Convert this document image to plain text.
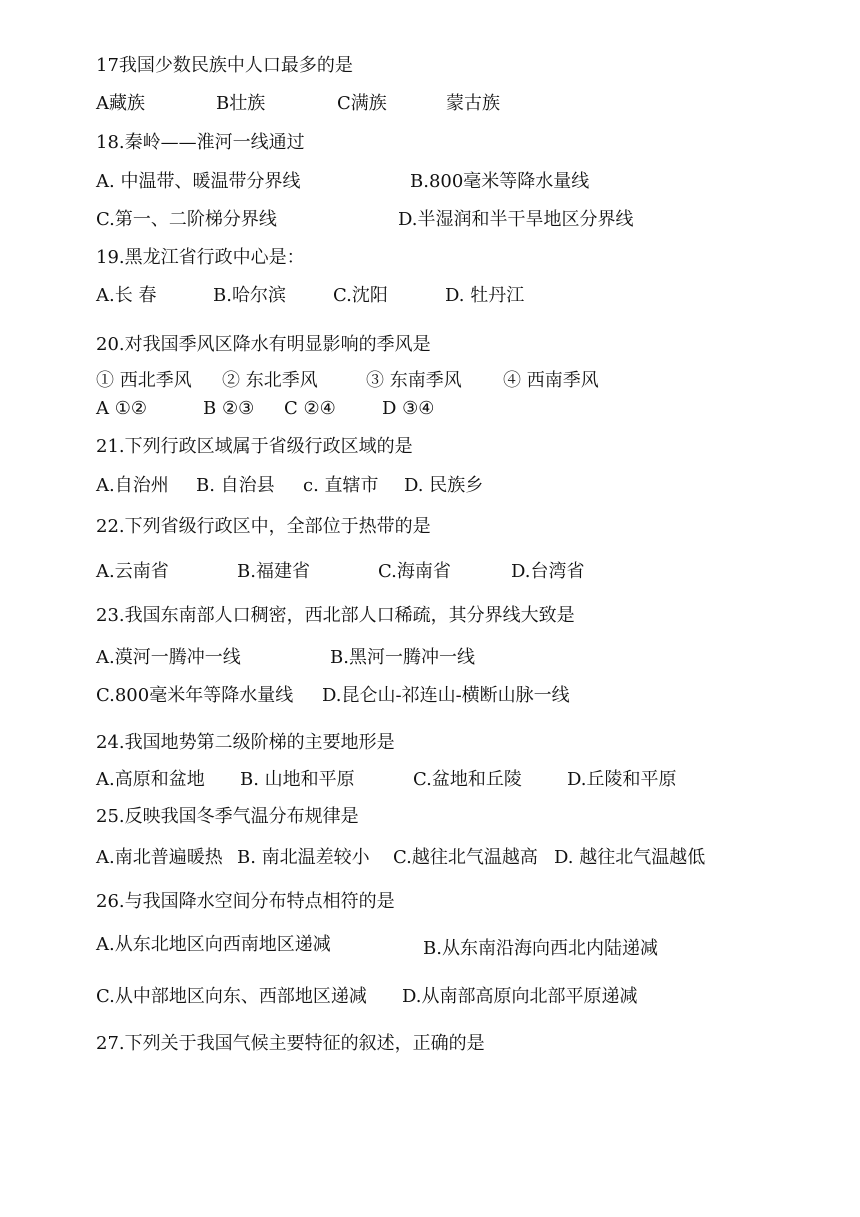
17我国少数民族中人口最多的是
A藏族	B壮族	C满族	蒙古族
18.秦岭——淮河一线通过
A. 中温带、暖温带分界线	B.800毫米等降水量线
C.第一、二阶梯分界线	D.半湿润和半干旱地区分界线
19.黑龙江省行政中心是：
A.长 春	B.哈尔滨	C.沈阳	D. 牡丹江
20.对我国季风区降水有明显影响的季风是
① 西北季风 ② 东北季风	③ 东南季风 ④ 西南季风
A ①②	B ②③ C ②④	D ③④
21.下列行政区域属于省级行政区域的是
A.自治州 B. 自治县 c. 直辖市 D. 民族乡
22.下列省级行政区中，全部位于热带的是
A.云南省	B.福建省	C.海南省	D.台湾省
23.我国东南部人口稠密，西北部人口稀疏，其分界线大致是
A.漠河一腾冲一线	B.黑河一腾冲一线
C.800毫米年等降水量线 D.昆仑山-祁连山-横断山脉一线
24.我国地势第二级阶梯的主要地形是
A.高原和盆地 B. 山地和平原	C.盆地和丘陵	D.丘陵和平原
25.反映我国冬季气温分布规律是
A.南北普遍暖热 B. 南北温差较小 C.越往北气温越高 D. 越往北气温越低
26.与我国降水空间分布特点相符的是
A.从东北地区向西南地区递减	B.从东南沿海向西北内陆递减
C.从中部地区向东、西部地区递减 D.从南部高原向北部平原递减
27.下列关于我国气候主要特征的叙述，正确的是
